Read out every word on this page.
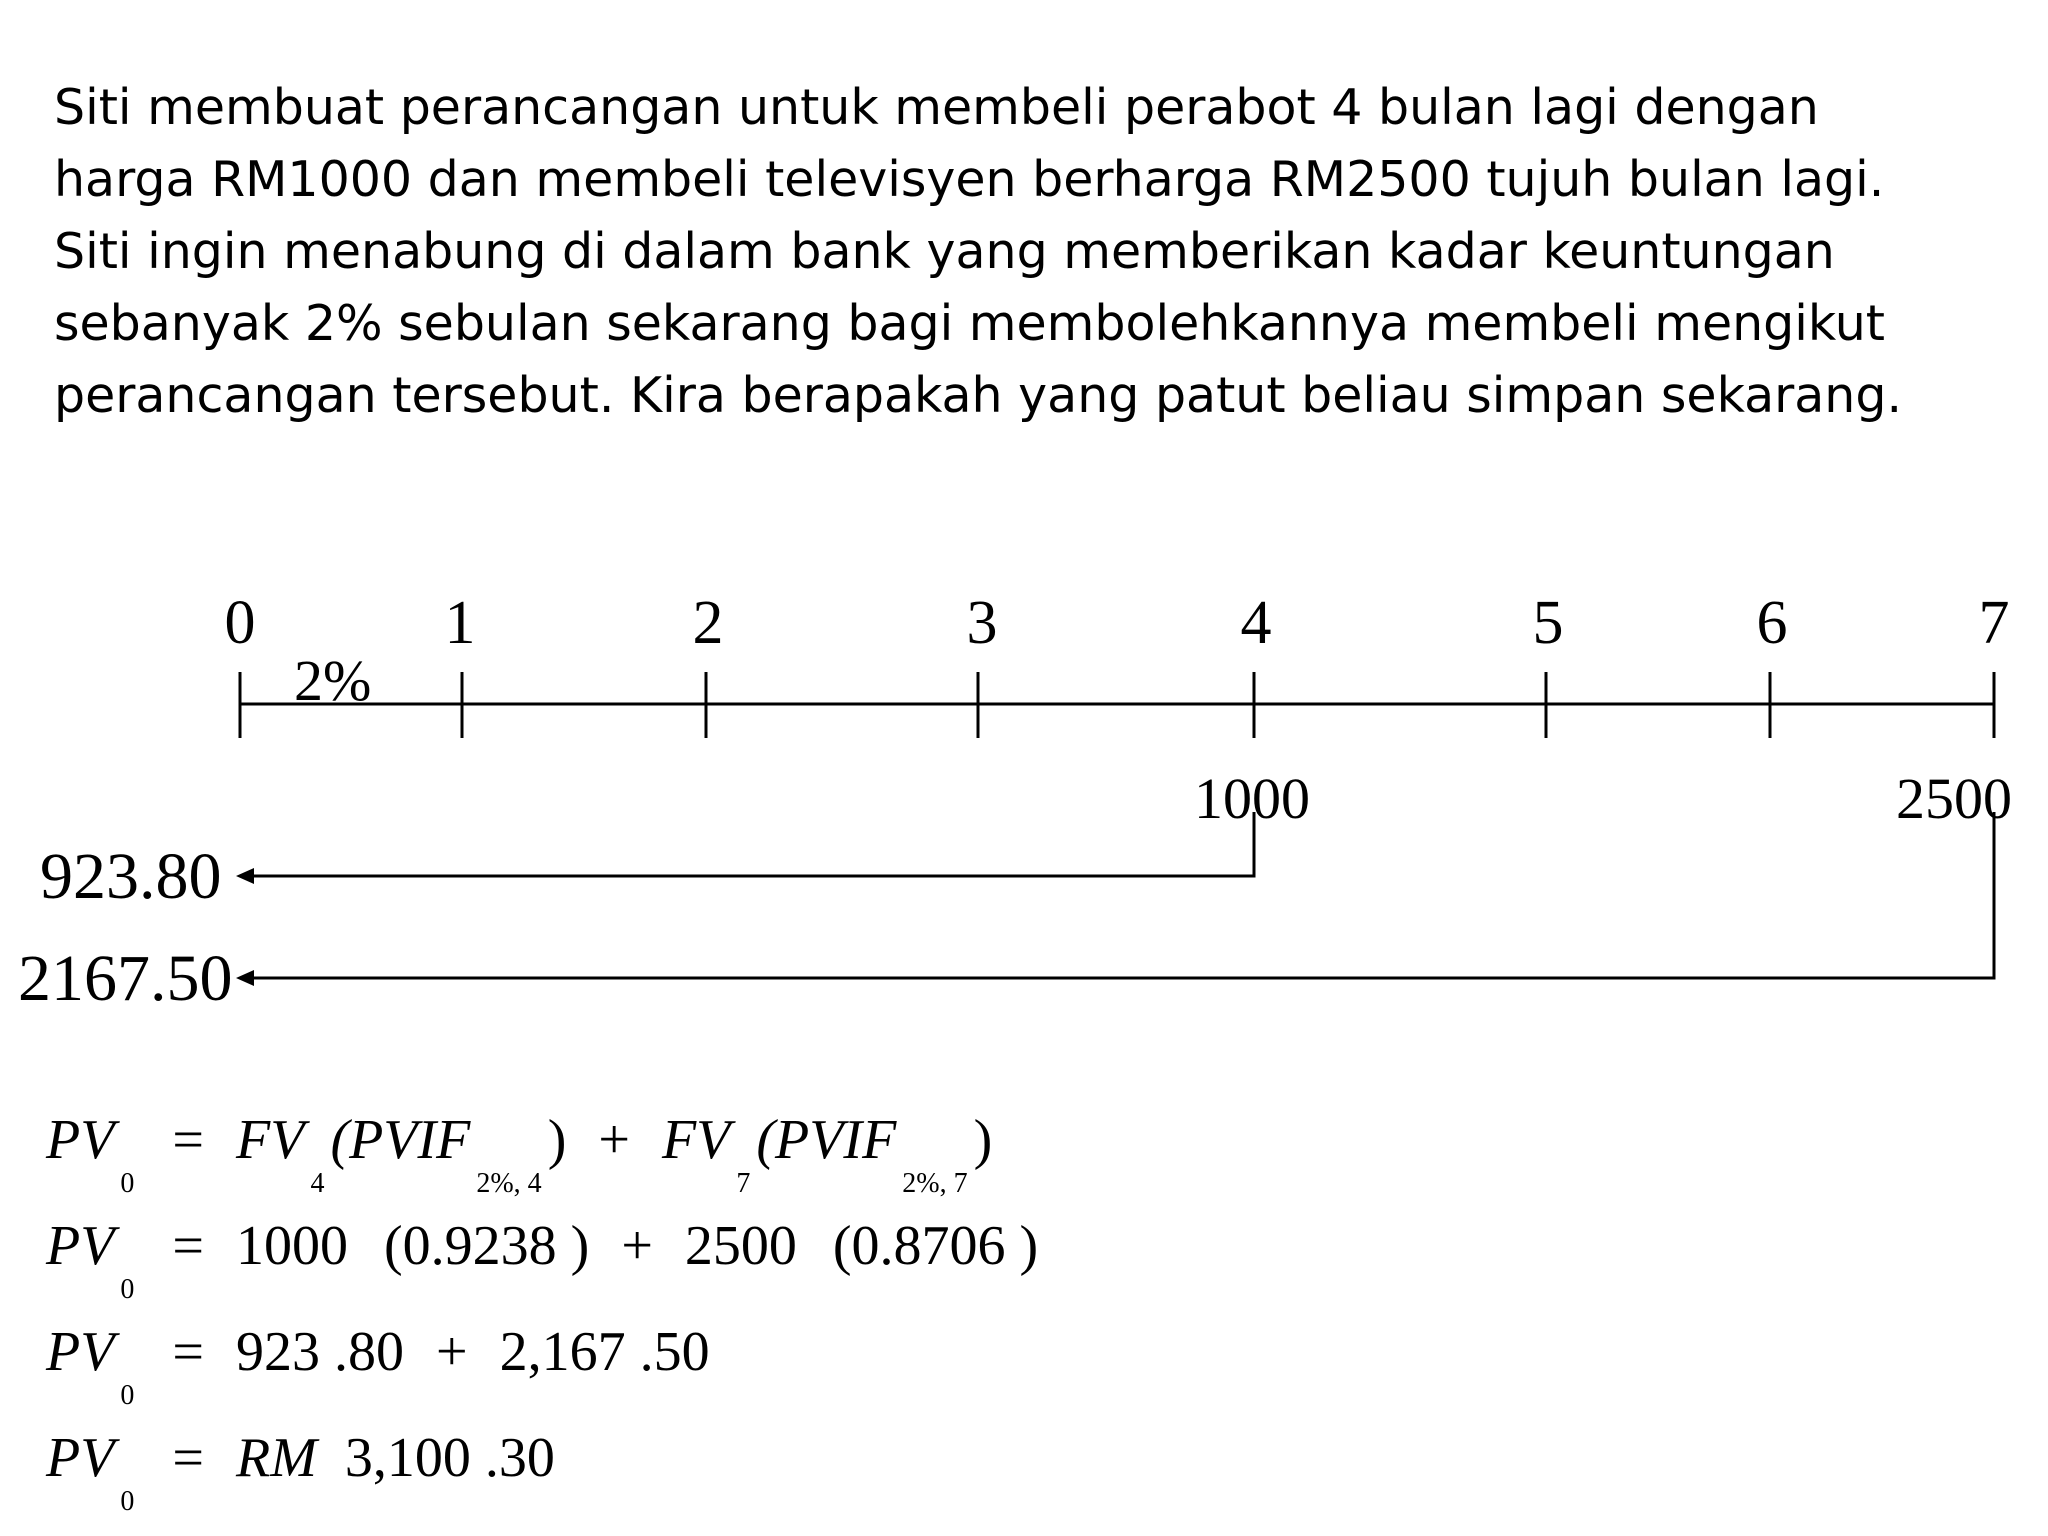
Siti membuat perancangan untuk membeli perabot 4 bulan lagi dengan
harga RM1000 dan membeli televisyen berharga RM2500 tujuh bulan lagi.
Siti ingin menabung di dalam bank yang memberikan kadar keuntungan
sebanyak 2% sebulan sekarang bagi membolehkannya membeli mengikut
perancangan tersebut. Kira berapakah yang patut beliau simpan sekarang.
0	1	2	3	4	5	6	7
2%
1000	2500
923.80
2167.50
$PV_0$ = $FV_4(PVIF_{2\%, 4})$ + $FV_7(PVIF_{2\%, 7})$
$PV_0 = 1000$ (0.9238 ) + 2500 (0.8706 )
$PV_0 = 923$ .80 + 2,167 .50
$PV_0$ = RM 3,100 .30
